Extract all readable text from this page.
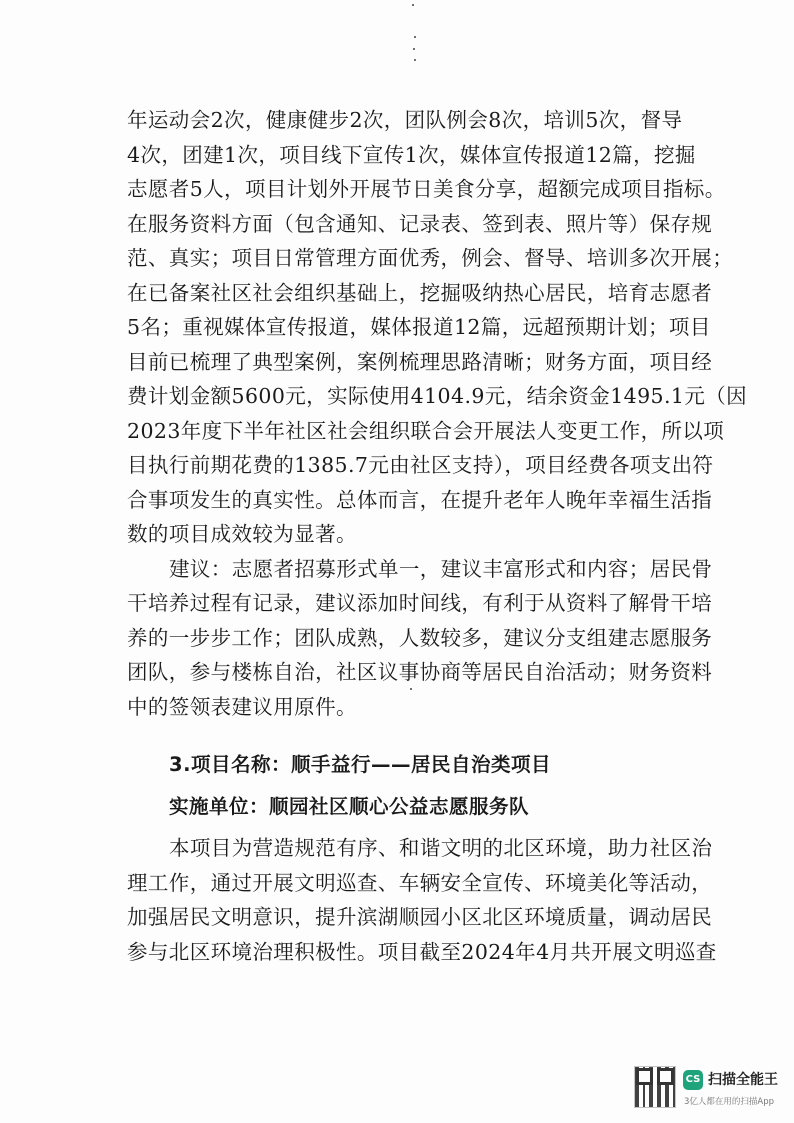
年运动会2次，健康健步2次，团队例会8次，培训5次，督导
4次，团建1次，项目线下宣传1次，媒体宣传报道12篇，挖掘
志愿者5人，项目计划外开展节日美食分享，超额完成项目指标。
在服务资料方面（包含通知、记录表、签到表、照片等）保存规
范、真实；项目日常管理方面优秀，例会、督导、培训多次开展；
在已备案社区社会组织基础上，挖掘吸纳热心居民，培育志愿者
5名；重视媒体宣传报道，媒体报道12篇，远超预期计划；项目
目前已梳理了典型案例，案例梳理思路清晰；财务方面，项目经
费计划金额5600元，实际使用4104.9元，结余资金1495.1元（因
2023年度下半年社区社会组织联合会开展法人变更工作，所以项
目执行前期花费的1385.7元由社区支持），项目经费各项支出符
合事项发生的真实性。总体而言，在提升老年人晚年幸福生活指
数的项目成效较为显著。
建议：志愿者招募形式单一，建议丰富形式和内容；居民骨
干培养过程有记录，建议添加时间线，有利于从资料了解骨干培
养的一步步工作；团队成熟，人数较多，建议分支组建志愿服务
团队，参与楼栋自治，社区议事协商等居民自治活动；财务资料
中的签领表建议用原件。
3.项目名称：顺手益行——居民自治类项目
实施单位：顺园社区顺心公益志愿服务队
本项目为营造规范有序、和谐文明的北区环境，助力社区治
理工作，通过开展文明巡查、车辆安全宣传、环境美化等活动，
加强居民文明意识，提升滨湖顺园小区北区环境质量，调动居民
参与北区环境治理积极性。项目截至2024年4月共开展文明巡查
CS 扫描全能王
3亿人都在用的扫描App
